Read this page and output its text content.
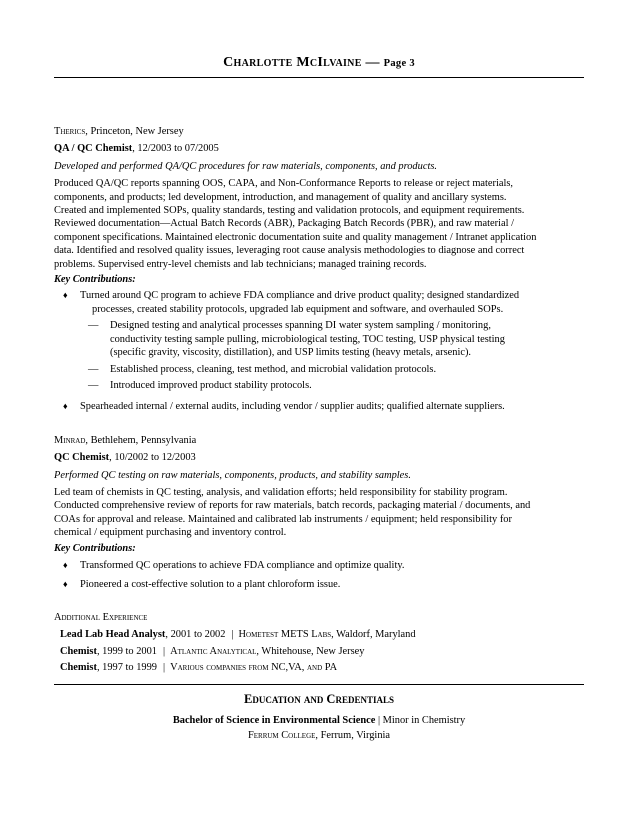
Charlotte McIlvaine — Page 3
Therics, Princeton, New Jersey
QA / QC Chemist, 12/2003 to 07/2005
Developed and performed QA/QC procedures for raw materials, components, and products.
Produced QA/QC reports spanning OOS, CAPA, and Non-Conformance Reports to release or reject materials,
components, and products; led development, introduction, and management of quality and ancillary systems.
Created and implemented SOPs, quality standards, testing and validation protocols, and equipment requirements.
Reviewed documentation—Actual Batch Records (ABR), Packaging Batch Records (PBR), and raw material /
component specifications. Maintained electronic documentation suite and quality management / Intranet application
data. Identified and resolved quality issues, leveraging root cause analysis methodologies to diagnose and correct
problems. Supervised entry-level chemists and lab technicians; managed training records.
Key Contributions:
♦ Turned around QC program to achieve FDA compliance and drive product quality; designed standardized
processes, created stability protocols, upgraded lab equipment and software, and overhauled SOPs.
— Designed testing and analytical processes spanning DI water system sampling / monitoring,
conductivity testing sample pulling, microbiological testing, TOC testing, USP physical testing
(specific gravity, viscosity, distillation), and USP limits testing (heavy metals, arsenic).
— Established process, cleaning, test method, and microbial validation protocols.
— Introduced improved product stability protocols.
♦ Spearheaded internal / external audits, including vendor / supplier audits; qualified alternate suppliers.
Minrad, Bethlehem, Pennsylvania
QC Chemist, 10/2002 to 12/2003
Performed QC testing on raw materials, components, products, and stability samples.
Led team of chemists in QC testing, analysis, and validation efforts; held responsibility for stability program.
Conducted comprehensive review of reports for raw materials, batch records, packaging material / documents, and
COAs for approval and release. Maintained and calibrated lab instruments / equipment; held responsibility for
chemical / equipment purchasing and inventory control.
Key Contributions:
♦ Transformed QC operations to achieve FDA compliance and optimize quality.
♦ Pioneered a cost-effective solution to a plant chloroform issue.
Additional Experience
Lead Lab Head Analyst, 2001 to 2002 | Hometest METS Labs, Waldorf, Maryland
Chemist, 1999 to 2001 | Atlantic Analytical, Whitehouse, New Jersey
Chemist, 1997 to 1999 | Various companies from NC,VA, and PA
Education and Credentials
Bachelor of Science in Environmental Science | Minor in Chemistry
Ferrum College, Ferrum, Virginia
